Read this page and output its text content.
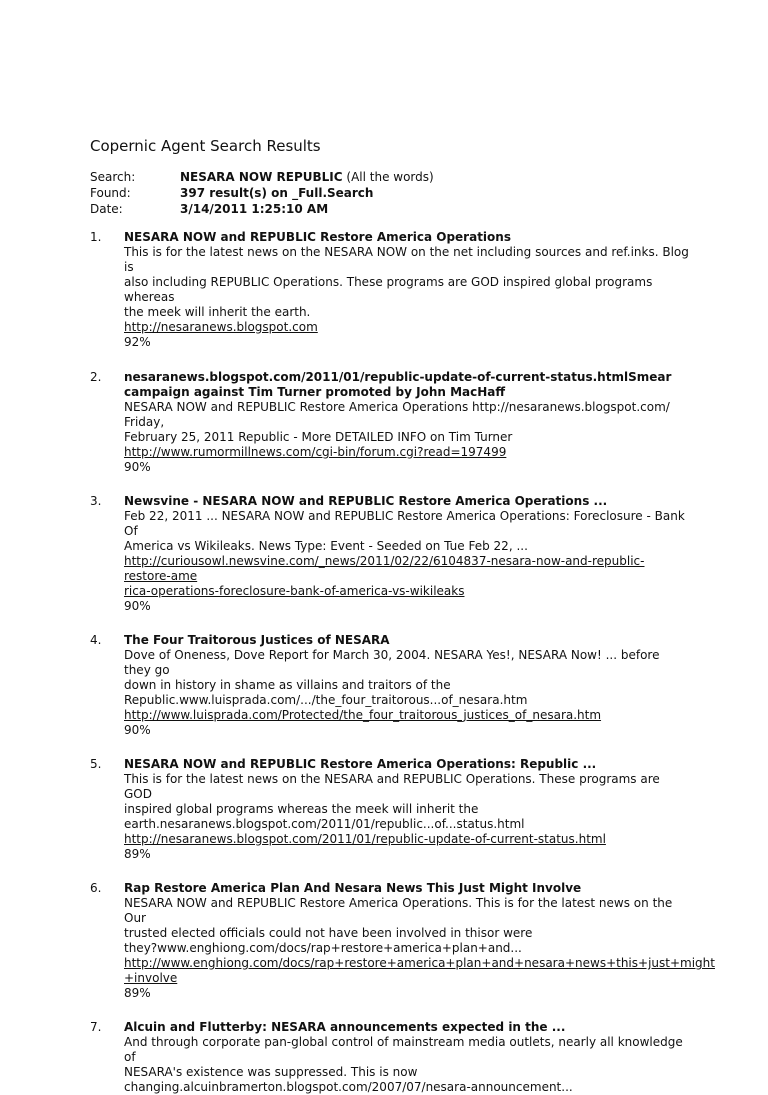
Copernic Agent Search Results
Search:	NESARA NOW REPUBLIC (All the words)
Found:	397 result(s) on _Full.Search
Date:	3/14/2011 1:25:10 AM
1. NESARA NOW and REPUBLIC Restore America Operations
This is for the latest news on the NESARA NOW on the net including sources and ref.inks. Blog is
also including REPUBLIC Operations. These programs are GOD inspired global programs whereas
the meek will inherit the earth.
http://nesaranews.blogspot.com
92%
2. nesaranews.blogspot.com/2011/01/republic-update-of-current-status.htmlSmear
campaign against Tim Turner promoted by John MacHaff
NESARA NOW and REPUBLIC Restore America Operations http://nesaranews.blogspot.com/ Friday,
February 25, 2011 Republic - More DETAILED INFO on Tim Turner
http://www.rumormillnews.com/cgi-bin/forum.cgi?read=197499
90%
3. Newsvine - NESARA NOW and REPUBLIC Restore America Operations ...
Feb 22, 2011 ... NESARA NOW and REPUBLIC Restore America Operations: Foreclosure - Bank Of
America vs Wikileaks. News Type: Event - Seeded on Tue Feb 22, ...
http://curiousowl.newsvine.com/_news/2011/02/22/6104837-nesara-now-and-republic-restore-ame
rica-operations-foreclosure-bank-of-america-vs-wikileaks
90%
4. The Four Traitorous Justices of NESARA
Dove of Oneness, Dove Report for March 30, 2004. NESARA Yes!, NESARA Now! ... before they go
down in history in shame as villains and traitors of the
Republic.www.luisprada.com/.../the_four_traitorous...of_nesara.htm
http://www.luisprada.com/Protected/the_four_traitorous_justices_of_nesara.htm
90%
5. NESARA NOW and REPUBLIC Restore America Operations: Republic ...
This is for the latest news on the NESARA and REPUBLIC Operations. These programs are GOD
inspired global programs whereas the meek will inherit the
earth.nesaranews.blogspot.com/2011/01/republic...of...status.html
http://nesaranews.blogspot.com/2011/01/republic-update-of-current-status.html
89%
6. Rap Restore America Plan And Nesara News This Just Might Involve
NESARA NOW and REPUBLIC Restore America Operations. This is for the latest news on the Our
trusted elected officials could not have been involved in thisor were
they?www.enghiong.com/docs/rap+restore+america+plan+and...
http://www.enghiong.com/docs/rap+restore+america+plan+and+nesara+news+this+just+might
+involve
89%
7. Alcuin and Flutterby: NESARA announcements expected in the ...
And through corporate pan-global control of mainstream media outlets, nearly all knowledge of
NESARA's existence was suppressed. This is now
changing.alcuinbramerton.blogspot.com/2007/07/nesara-announcement...
